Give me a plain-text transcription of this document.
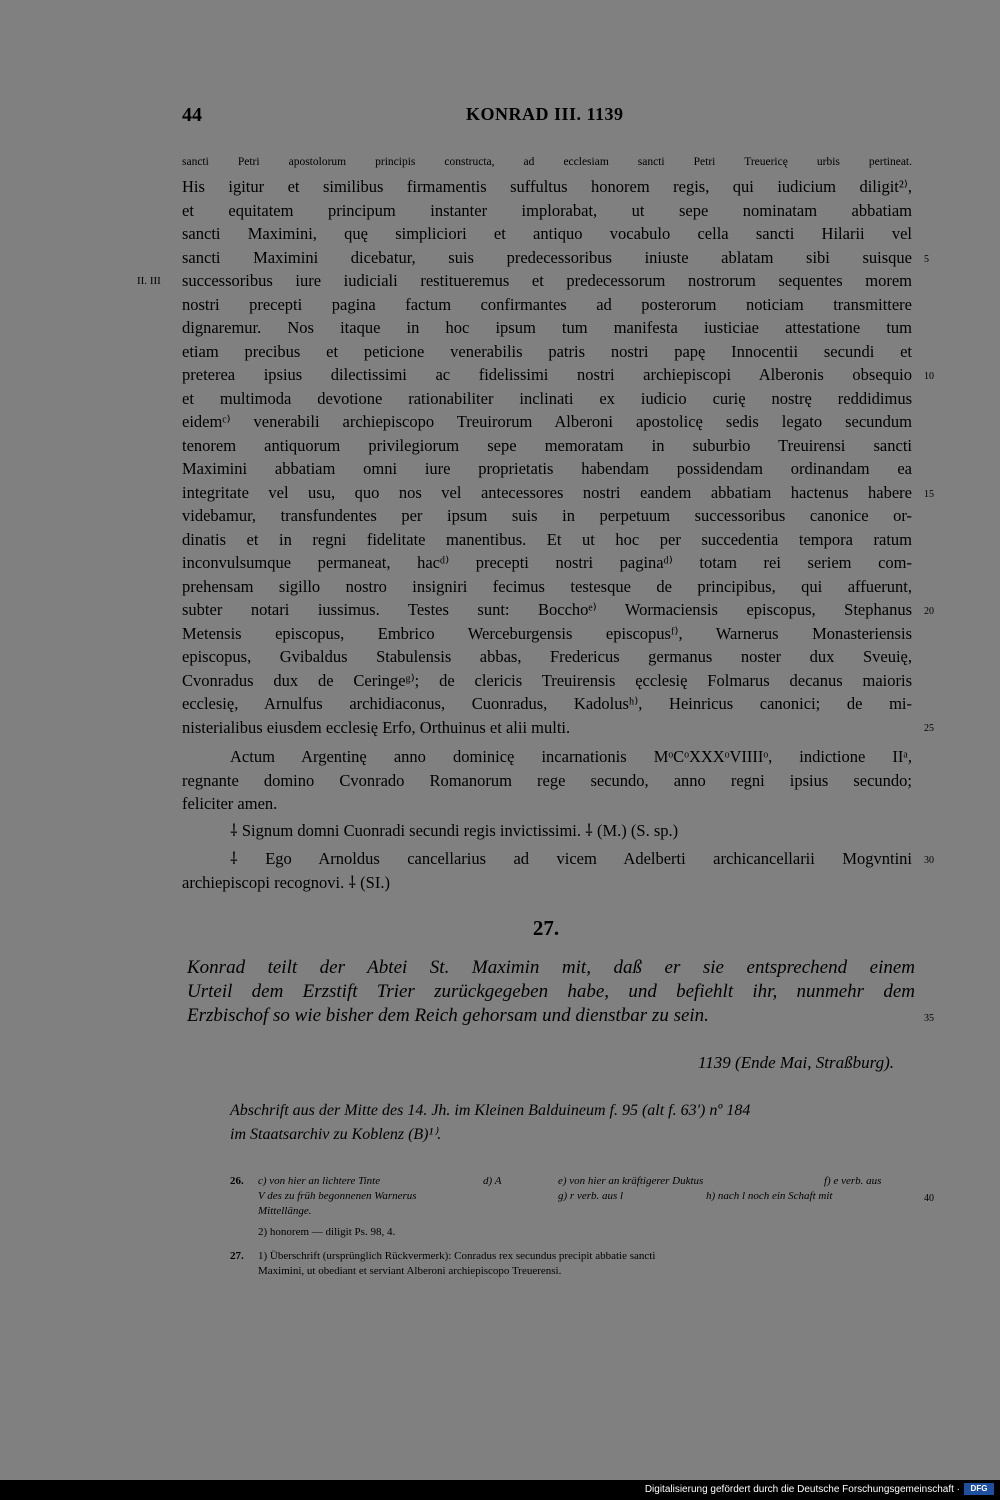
44	KONRAD III. 1139
sancti Petri apostolorum principis constructa, ad ecclesiam sancti Petri Treuericę urbis pertineat.
His igitur et similibus firmamentis suffultus honorem regis, qui iudicium diligit²⁾,
et equitatem principum instanter implorabat, ut sepe nominatam abbatiam
sancti Maximini, quę simpliciori et antiquo vocabulo cella sancti Hilarii vel
sancti Maximini dicebatur, suis predecessoribus iniuste ablatam sibi suisque
successoribus iure iudiciali restitueremus et predecessorum nostrorum sequentes morem
nostri precepti pagina factum confirmantes ad posterorum noticiam transmittere
dignaremur. Nos itaque in hoc ipsum tum manifesta iusticiae attestatione tum
etiam precibus et peticione venerabilis patris nostri papę Innocentii secundi et
preterea ipsius dilectissimi ac fidelissimi nostri archiepiscopi Alberonis obsequio
et multimoda devotione rationabiliter inclinati ex iudicio curię nostrę reddidimus
eidemᶜ⁾ venerabili archiepiscopo Treuirorum Alberoni apostolicę sedis legato secundum
tenorem antiquorum privilegiorum sepe memoratam in suburbio Treuirensi sancti
Maximini abbatiam omni iure proprietatis habendam possidendam ordinandam ea
integritate vel usu, quo nos vel antecessores nostri eandem abbatiam hactenus habere
videbamur, transfundentes per ipsum suis in perpetuum successoribus canonice or-
dinatis et in regni fidelitate manentibus. Et ut hoc per succedentia tempora ratum
inconvulsumque permaneat, hacᵈ⁾ precepti nostri paginaᵈ⁾ totam rei seriem com-
prehensam sigillo nostro insigniri fecimus testesque de principibus, qui affuerunt,
subter notari iussimus. Testes sunt: Bocchoᵉ⁾ Wormaciensis episcopus, Stephanus
Metensis episcopus, Embrico Werceburgensis episcopusᶠ⁾, Warnerus Monasteriensis
episcopus, Gvibaldus Stabulensis abbas, Fredericus germanus noster dux Sveuię,
Cvonradus dux de Ceringeᵍ⁾; de clericis Treuirensis ęcclesię Folmarus decanus maioris
ecclesię, Arnulfus archidiaconus, Cuonradus, Kadolusʰ⁾, Heinricus canonici; de mi-
nisterialibus eiusdem ecclesię Erfo, Orthuinus et alii multi.
Actum Argentinę anno dominicę incarnationis MᵒCᵒXXXᵒVIIIIᵒ, indictione IIᵃ,
regnante domino Cvonrado Romanorum rege secundo, anno regni ipsius secundo;
feliciter amen.
⸸ Signum domni Cuonradi secundi regis invictissimi. ⸸ (M.) (S. sp.)
⸸ Ego Arnoldus cancellarius ad vicem Adelberti archicancellarii Mogvntini
archiepiscopi recognovi. ⸸ (SI.)
II. III
5
10
15
20
25
30
35
40
27.
Konrad teilt der Abtei St. Maximin mit, daß er sie entsprechend einem
Urteil dem Erzstift Trier zurückgegeben habe, und befiehlt ihr, nunmehr dem
Erzbischof so wie bisher dem Reich gehorsam und dienstbar zu sein.
1139 (Ende Mai, Straßburg).
Abschrift aus der Mitte des 14. Jh. im Kleinen Balduineum f. 95 (alt f. 63') nº 184
im Staatsarchiv zu Koblenz (B)¹⁾.
26. c) von hier an lichtere Tinte	d) A	e) von hier an kräftigerer Duktus	f) e verb. aus
V des zu früh begonnenen Warnerus	g) r verb. aus l	h) nach l noch ein Schaft mit
Mittellänge.
2) honorem — diligit Ps. 98, 4.
27. 1) Überschrift (ursprünglich Rückvermerk): Conradus rex secundus precipit abbatie sancti
Maximini, ut obediant et serviant Alberoni archiepiscopo Treuerensi.
Digitalisierung gefördert durch die Deutsche Forschungsgemeinschaft ·	DFG
